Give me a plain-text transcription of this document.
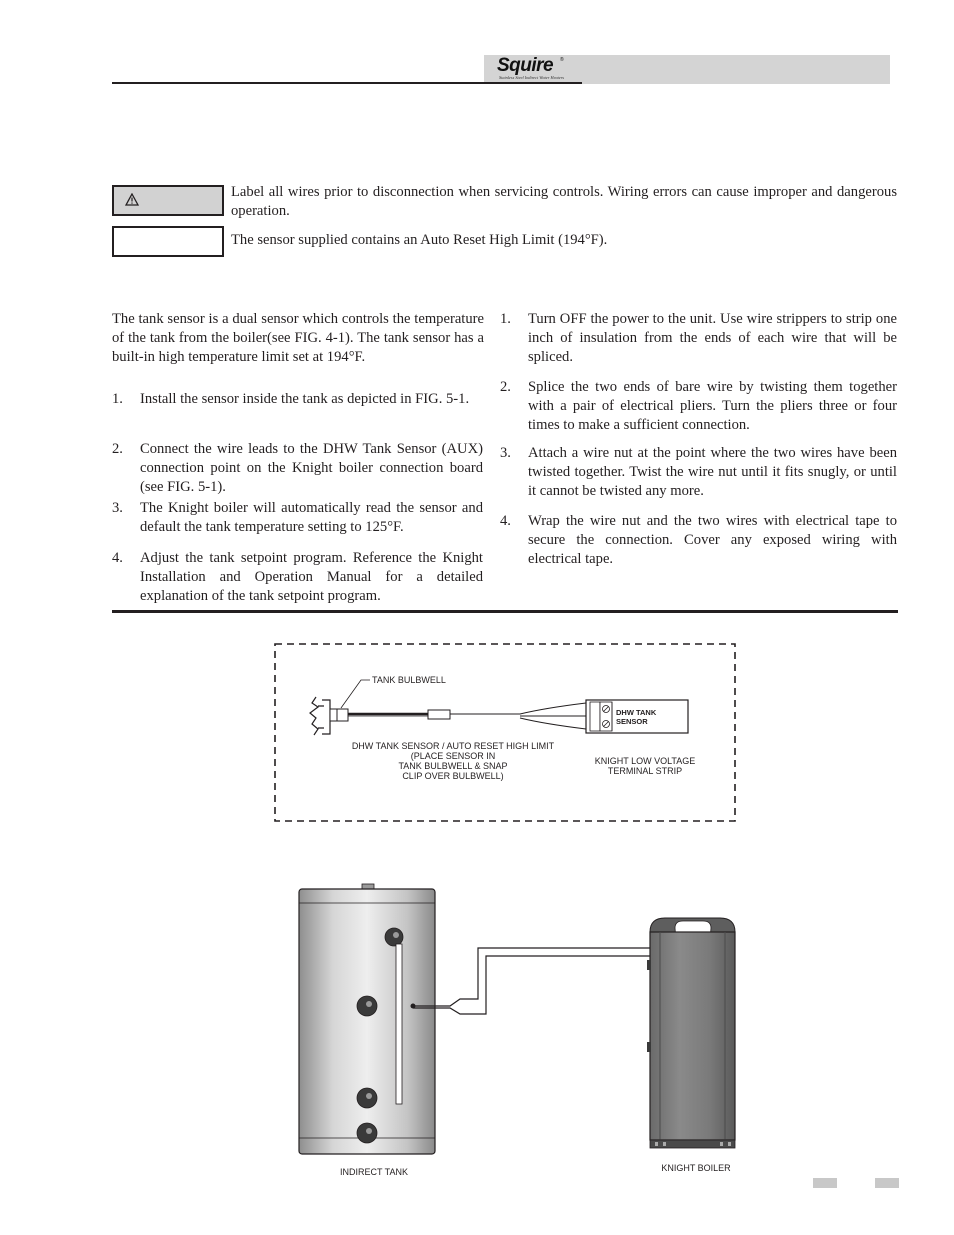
Squire ®
Stainless Steel Indirect Water Heaters
Label all wires prior to disconnection when servicing controls. Wiring errors can cause improper and dangerous operation.
The sensor supplied contains an Auto Reset High Limit (194°F).

The tank sensor is a dual sensor which controls the temperature of the tank from the boiler(see FIG. 4-1). The tank sensor has a built-in high temperature limit set at 194°F.

1. Install the sensor inside the tank as depicted in FIG. 5-1.
2. Connect the wire leads to the DHW Tank Sensor (AUX) connection point on the Knight boiler connection board (see FIG. 5-1).
3. The Knight boiler will automatically read the sensor and default the tank temperature setting to 125°F.
4. Adjust the tank setpoint program. Reference the Knight Installation and Operation Manual for a detailed explanation of the tank setpoint program.
1. Turn OFF the power to the unit. Use wire strippers to strip one inch of insulation from the ends of each wire that will be spliced.
2. Splice the two ends of bare wire by twisting them together with a pair of electrical pliers. Turn the pliers three or four times to make a sufficient connection.
3. Attach a wire nut at the point where the two wires have been twisted together. Twist the wire nut until it fits snugly, or until it cannot be twisted any more.
4. Wrap the wire nut and the two wires with electrical tape to secure the connection. Cover any exposed wiring with electrical tape.
TANK BULBWELL
DHW TANK
SENSOR
DHW TANK SENSOR / AUTO RESET HIGH LIMIT
(PLACE SENSOR IN
TANK BULBWELL & SNAP
CLIP OVER BULBWELL)
KNIGHT LOW VOLTAGE
TERMINAL STRIP
INDIRECT TANK	KNIGHT BOILER
